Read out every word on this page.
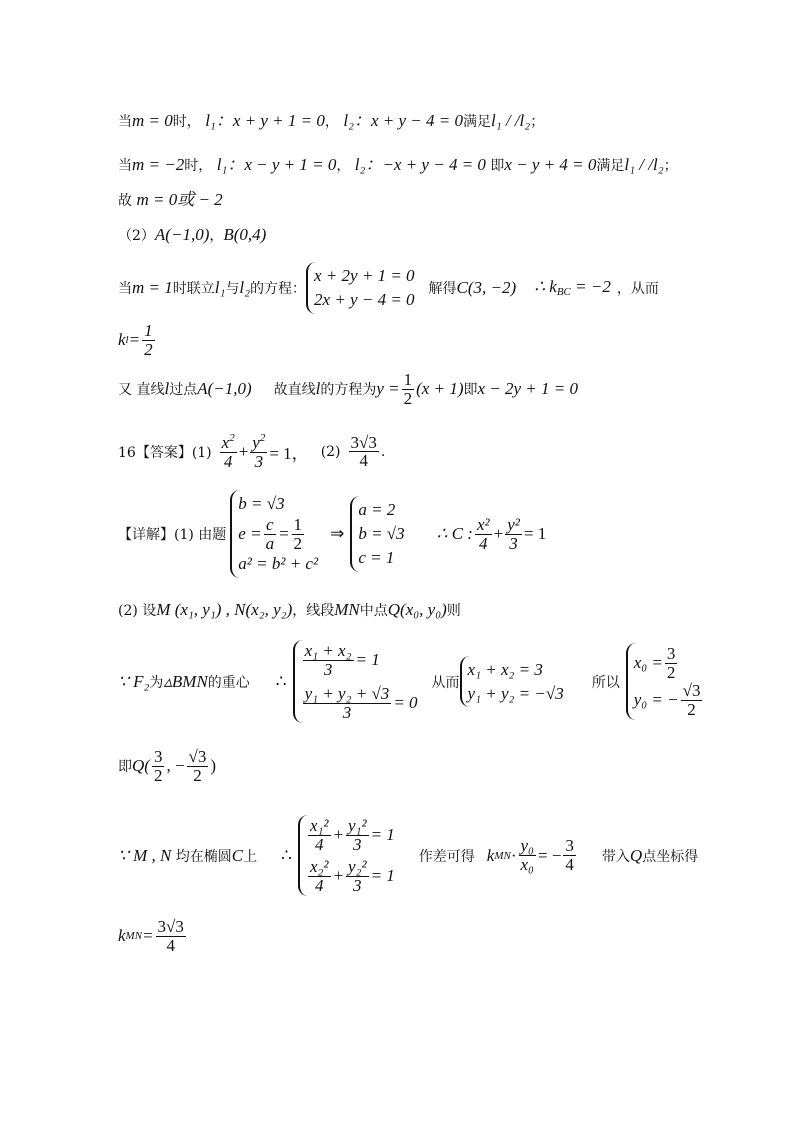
当m = 0时， l₁：x + y + 1 = 0， l₂：x + y − 4 = 0满足l₁ / /l₂；
当m = −2时， l₁：x − y + 1 = 0， l₂：−x + y − 4 = 0 即x − y + 4 = 0满足l₁ / /l₂；
故 m = 0或 − 2
（2）A(−1,0)，B(0,4)
当 m = 1 时联立 l₁ 与 l₂ 的方程：
x + 2y + 1 = 0
2x + y − 4 = 0
解得 C(3, −2) ∴ $k_{BC} = -2$ ，从而
k $l = \frac{1}{2}$
又 直线 l 过点 A(−1,0) 故直线 l 的方程为 $y = \frac{1}{2} (x + 1)$ 即 x − 2y + 1 = 0
16【答案】$(1) \frac{x^2}{4} + \frac{y^2}{3} = 1$， $(2) \frac{3√3}{4}$ .
【详解】(1) 由题
b = √3
$e = \frac{c}{a} = \frac{1}{2}$
a² = b² + c²
⇒
a = 2
b = √3
c = 1
∴ C : $\frac{\text{x²}}{4} + \frac{\text{y²}}{3} = 1$
(2) 设M (x₁, y₁) , N(x₂, y₂)，线段MN中点Q(x₀, y₀)则
∵ F₂ 为 ▵BMN 的重心 ∴
$\frac{\text{x₁ + x₂}}{3} = 1$
$\frac{\text{y₁ + y₂ + √3}}{3} = 0$
从而
x₁ + x₂ = 3
y₁ + y₂ = −√3
所以
$x_0 = \frac{3}{2}$
y₀ = − $\frac{√3}{2}$
即 $Q( \frac{3}{2}$ , − $\frac{√3}{2}$ )
∵ M , N
均在椭圆 C 上 ∴
$\frac{\text{x₁²}}{4} + \frac{\text{y₁²}}{3} = 1$
$\frac{\text{x₂²}}{4} + \frac{\text{y₂²}}{3} = 1$
作差可得 k MN · $\frac{\text{y₀}}{\text{x₀}}$ = − $\frac{3}{4}$ 带入 Q 点坐标得
k MN = $\frac{3√3}{4}$
